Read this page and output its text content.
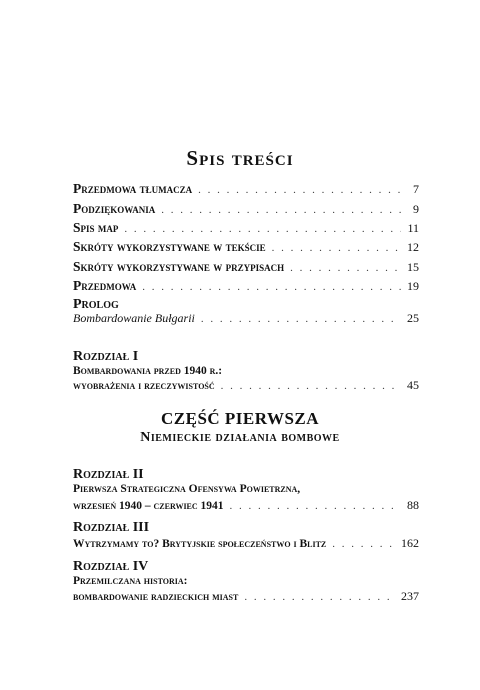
Spis treści
Przedmowa tłumacza . . .	7
Podziękowania . . .	9
Spis map . . .	11
Skróty wykorzystywane w tekście . . .	12
Skróty wykorzystywane w przypisach . . .	15
Przedmowa . . .	19
Prolog
Bombardowanie Bułgarii . . .	25
Rozdział I
Bombardowania przed 1940 r.:
wyobrażenia i rzeczywistość . . .	45
CZĘŚĆ PIERWSZA
Niemieckie działania bombowe
Rozdział II
Pierwsza Strategiczna Ofensywa Powietrzna,
wrzesień 1940 – czerwiec 1941 . . .	88
Rozdział III
Wytrzymamy to? Brytyjskie społeczeństwo i Blitz . . .	162
Rozdział IV
Przemilczana historia:
bombardowanie radzieckich miast . . .	237
